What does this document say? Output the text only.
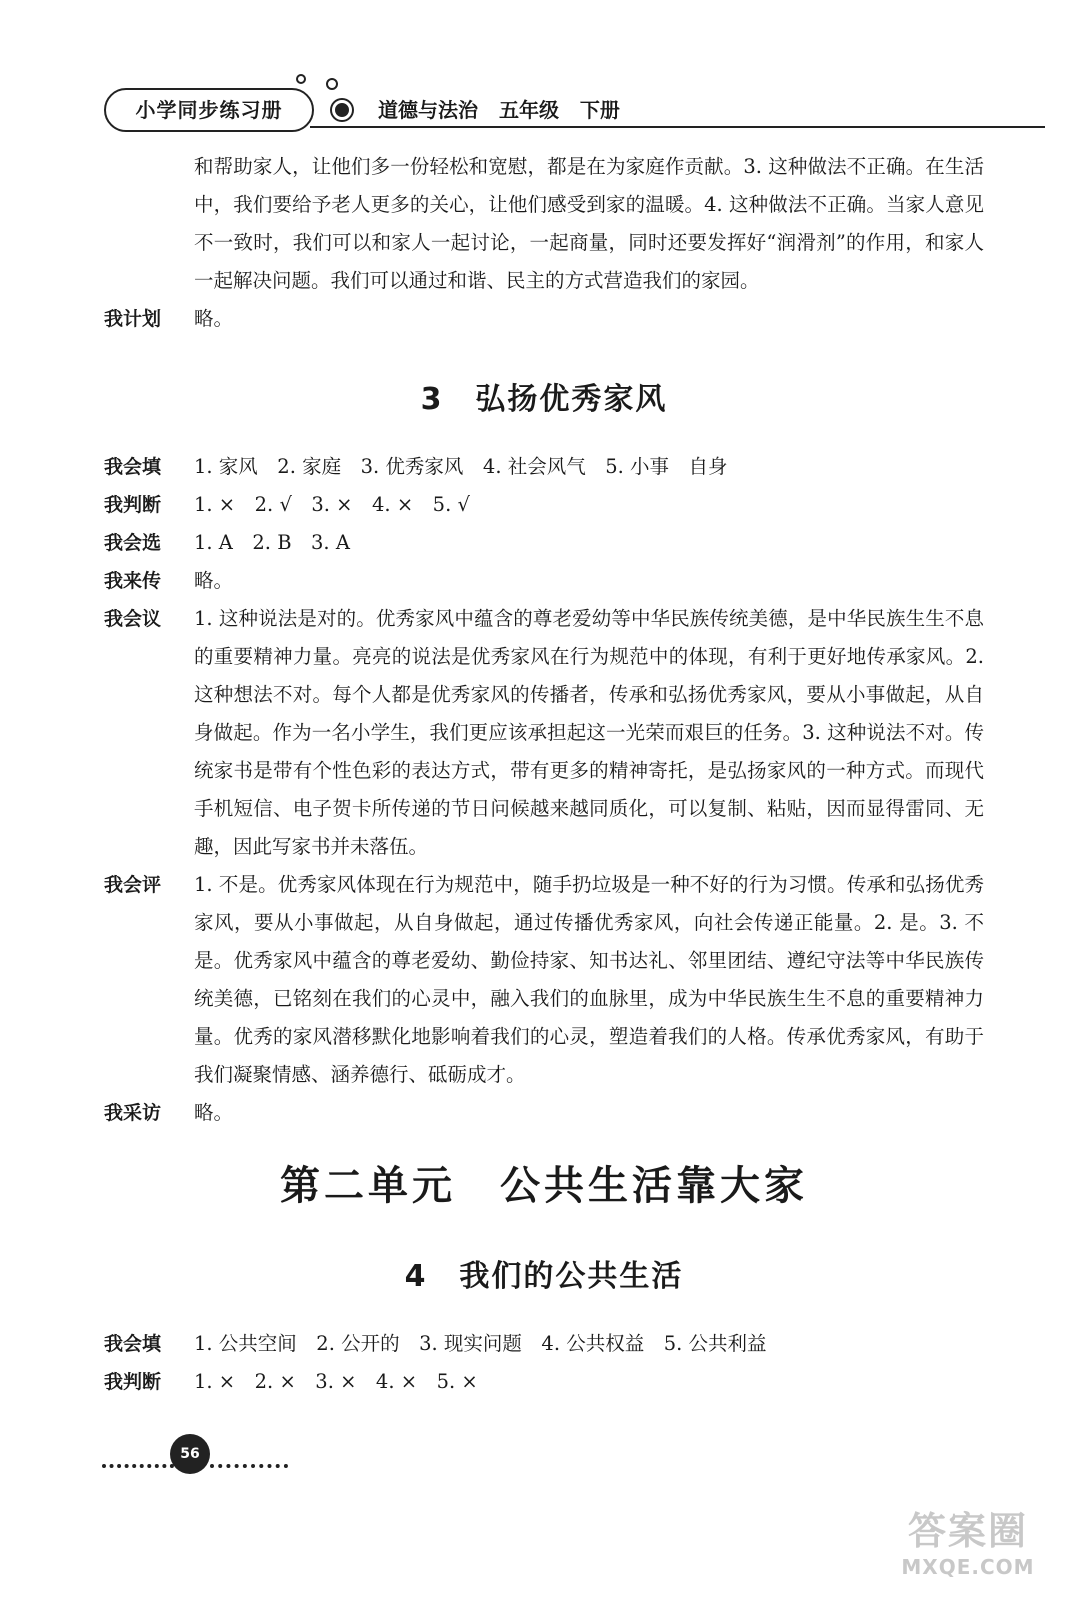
小学同步练习册	道德与法治 五年级 下册

和帮助家人，让他们多一份轻松和宽慰，都是在为家庭作贡献。3. 这种做法不正确。在生活中，我们要给予老人更多的关心，让他们感受到家的温暖。4. 这种做法不正确。当家人意见不一致时，我们可以和家人一起讨论，一起商量，同时还要发挥好“润滑剂”的作用，和家人一起解决问题。我们可以通过和谐、民主的方式营造我们的家园。

我计划	略。
3　弘扬优秀家风
我会填	1. 家风　2. 家庭　3. 优秀家风　4. 社会风气　5. 小事　自身
我判断	1. ×　2. √　3. ×　4. ×　5. √
我会选	1. A　2. B　3. A
我来传	略。
我会议	1. 这种说法是对的。优秀家风中蕴含的尊老爱幼等中华民族传统美德，是中华民族生生不息的重要精神力量。亮亮的说法是优秀家风在行为规范中的体现，有利于更好地传承家风。2. 这种想法不对。每个人都是优秀家风的传播者，传承和弘扬优秀家风，要从小事做起，从自身做起。作为一名小学生，我们更应该承担起这一光荣而艰巨的任务。3. 这种说法不对。传统家书是带有个性色彩的表达方式，带有更多的精神寄托，是弘扬家风的一种方式。而现代手机短信、电子贺卡所传递的节日问候越来越同质化，可以复制、粘贴，因而显得雷同、无趣，因此写家书并未落伍。
我会评	1. 不是。优秀家风体现在行为规范中，随手扔垃圾是一种不好的行为习惯。传承和弘扬优秀家风，要从小事做起，从自身做起，通过传播优秀家风，向社会传递正能量。2. 是。3. 不是。优秀家风中蕴含的尊老爱幼、勤俭持家、知书达礼、邻里团结、遵纪守法等中华民族传统美德，已铭刻在我们的心灵中，融入我们的血脉里，成为中华民族生生不息的重要精神力量。优秀的家风潜移默化地影响着我们的心灵，塑造着我们的人格。传承优秀家风，有助于我们凝聚情感、涵养德行、砥砺成才。
我采访	略。
第二单元　公共生活靠大家
4　我们的公共生活
我会填	1. 公共空间　2. 公开的　3. 现实问题　4. 公共权益　5. 公共利益
我判断	1. ×　2. ×　3. ×　4. ×　5. ×
56
答案圈
MXQE.COM
